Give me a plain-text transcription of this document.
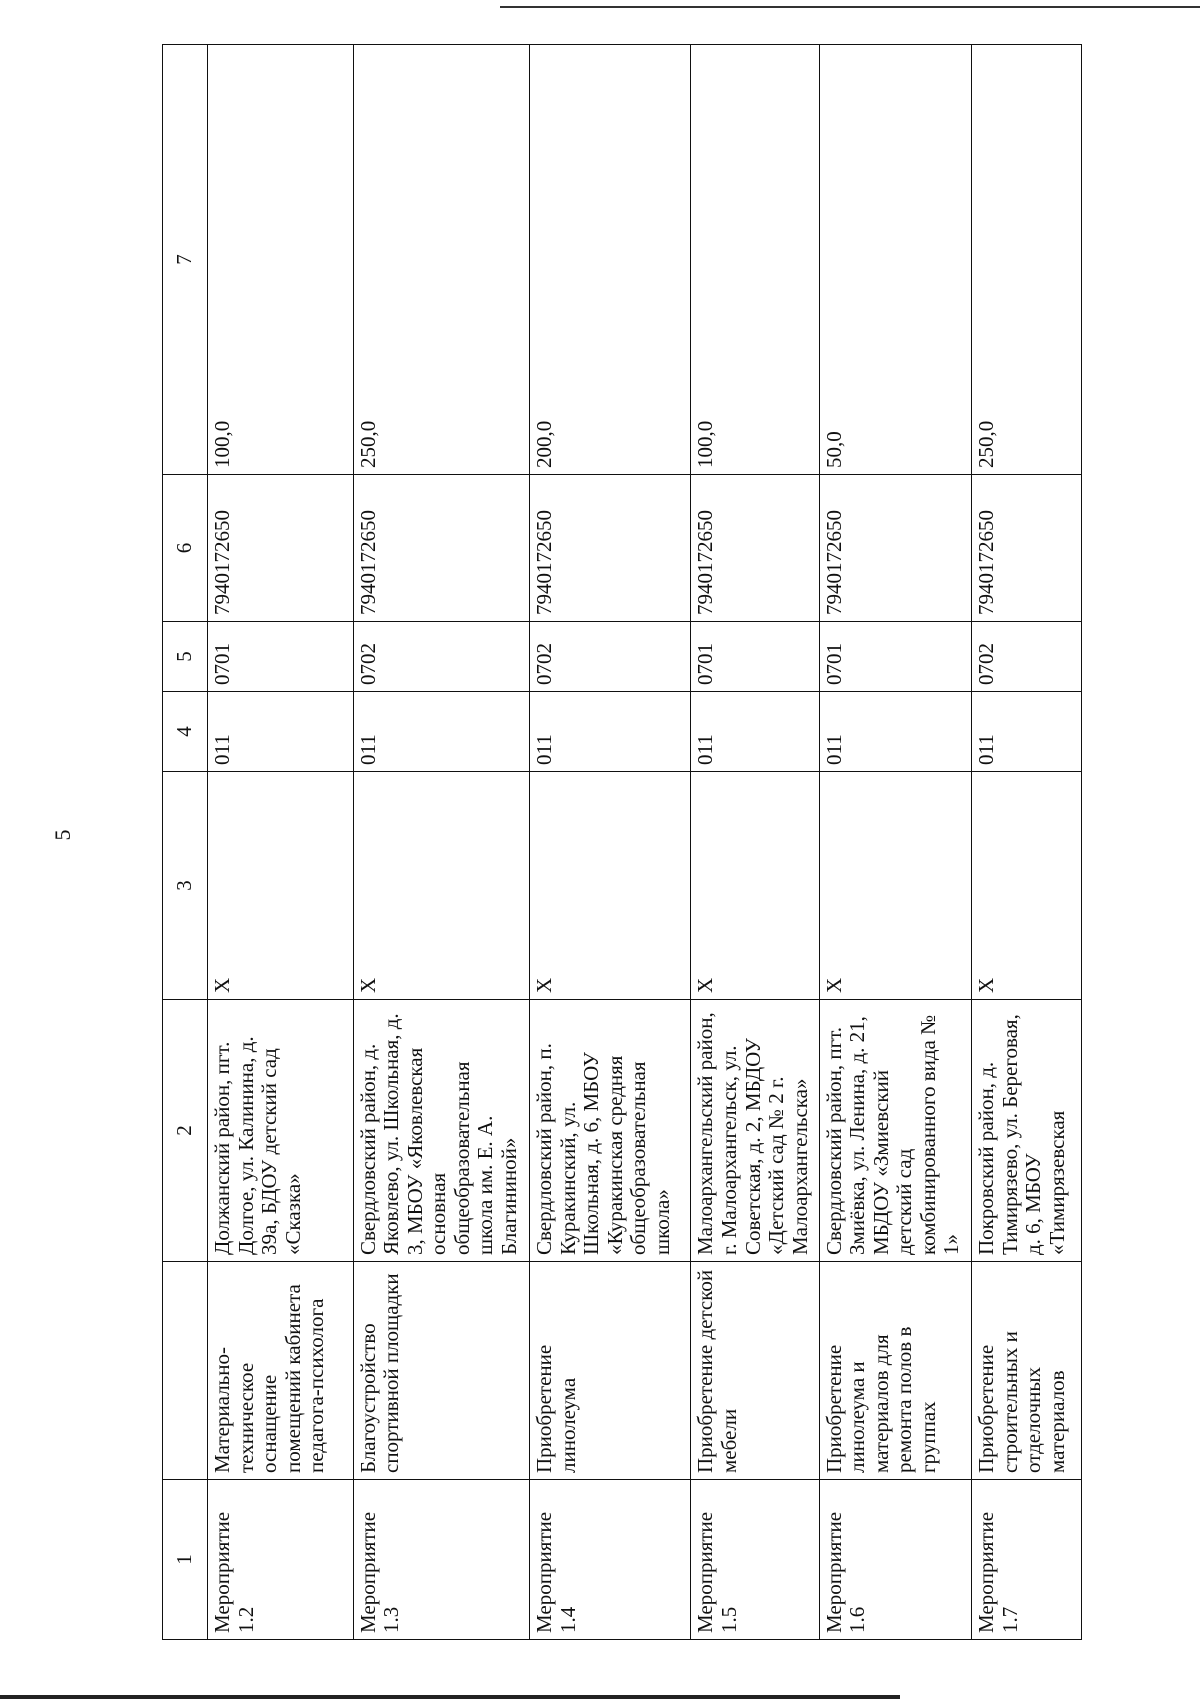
5
1		2	3	4	5	6	7
Мероприятие 1.2	Материально-техническое оснащение помещений кабинета педагога-психолога	Должанский район, пгт. Долгое, ул. Калинина, д. 39а, БДОУ детский сад «Сказка»	X	011	0701	7940172650	100,0
Мероприятие 1.3	Благоустройство спортивной площадки	Свердловский район, д. Яковлево, ул. Школьная, д. 3, МБОУ «Яковлевская основная общеобразовательная школа им. Е. А. Благининой»	X	011	0702	7940172650	250,0
Мероприятие 1.4	Приобретение линолеума	Свердловский район, п. Куракинский, ул. Школьная, д. 6, МБОУ «Куракинская средняя общеобразовательная школа»	X	011	0702	7940172650	200,0
Мероприятие 1.5	Приобретение детской мебели	Малоархангельский район, г. Малоархангельск, ул. Советская, д. 2, МБДОУ «Детский сад № 2 г. Малоархангельска»	X	011	0701	7940172650	100,0
Мероприятие 1.6	Приобретение линолеума и материалов для ремонта полов в группах	Свердловский район, пгт. Змиёвка, ул. Ленина, д. 21, МБДОУ «Змиевский детский сад комбинированного вида № 1»	X	011	0701	7940172650	50,0
Мероприятие 1.7	Приобретение строительных и отделочных материалов	Покровский район, д. Тимирязево, ул. Береговая, д. 6, МБОУ «Тимирязевская	X	011	0702	7940172650	250,0
